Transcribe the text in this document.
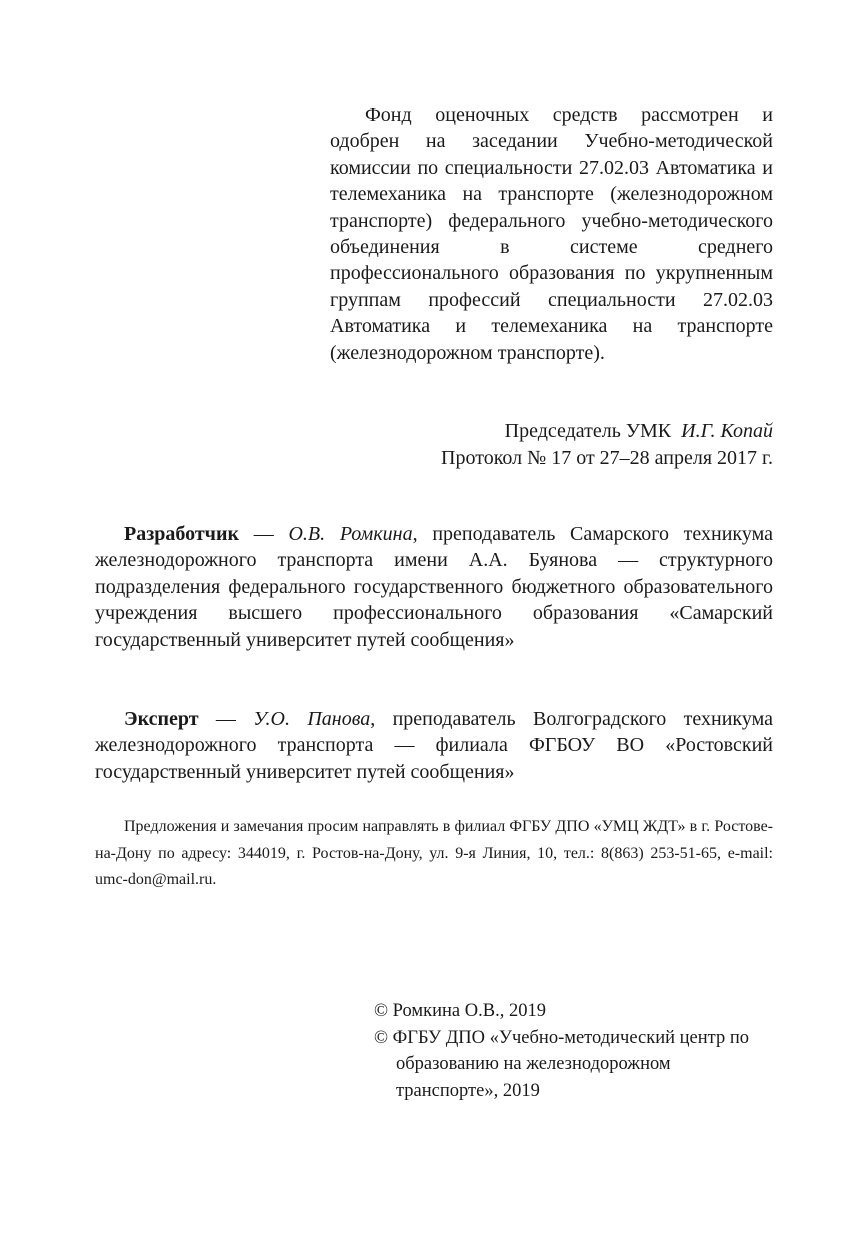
Фонд оценочных средств рассмотрен и одобрен на заседании Учебно-методической комиссии по специальности 27.02.03 Автоматика и телемеханика на транспорте (железнодорожном транспорте) федерального учебно-методического объединения в системе среднего профессионального образования по укрупненным группам профессий специальности 27.02.03 Автоматика и телемеханика на транспорте (железнодорожном транспорте).

Председатель УМК И.Г. Копай
Протокол № 17 от 27–28 апреля 2017 г.

Разработчик — О.В. Ромкина, преподаватель Самарского техникума железнодорожного транспорта имени А.А. Буянова — структурного подразделения федерального государственного бюджетного образовательного учреждения высшего профессионального образования «Самарский государственный университет путей сообщения»

Эксперт — У.О. Панова, преподаватель Волгоградского техникума железнодорожного транспорта — филиала ФГБОУ ВО «Ростовский государственный университет путей сообщения»

Предложения и замечания просим направлять в филиал ФГБУ ДПО «УМЦ ЖДТ» в г. Ростове-на-Дону по адресу: 344019, г. Ростов-на-Дону, ул. 9-я Линия, 10, тел.: 8(863) 253-51-65, e-mail: umc-don@mail.ru.

© Ромкина О.В., 2019

© ФГБУ ДПО «Учебно-методический центр по образованию на железнодорожном транспорте», 2019
